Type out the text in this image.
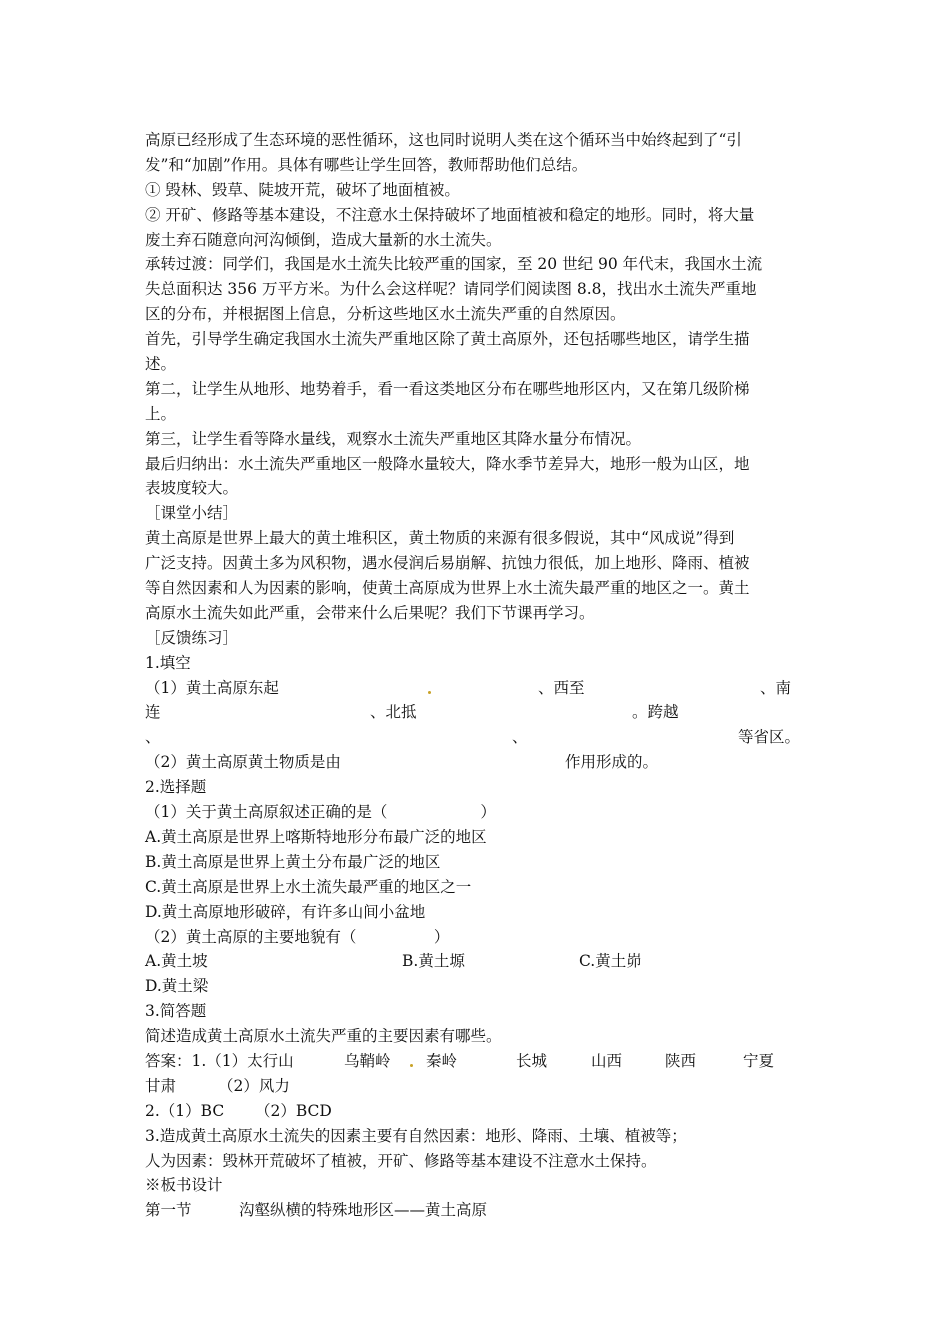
高原已经形成了生态环境的恶性循环，这也同时说明人类在这个循环当中始终起到了“引
发”和“加剧”作用。具体有哪些让学生回答，教师帮助他们总结。
① 毁林、毁草、陡坡开荒，破坏了地面植被。
② 开矿、修路等基本建设，不注意水土保持破坏了地面植被和稳定的地形。同时，将大量
废土弃石随意向河沟倾倒，造成大量新的水土流失。
承转过渡：同学们，我国是水土流失比较严重的国家，至 20 世纪 90 年代末，我国水土流
失总面积达 356 万平方米。为什么会这样呢？请同学们阅读图 8.8，找出水土流失严重地
区的分布，并根据图上信息，分析这些地区水土流失严重的自然原因。
首先，引导学生确定我国水土流失严重地区除了黄土高原外，还包括哪些地区，请学生描
述。
第二，让学生从地形、地势着手，看一看这类地区分布在哪些地形区内，又在第几级阶梯
上。
第三，让学生看等降水量线，观察水土流失严重地区其降水量分布情况。
最后归纳出：水土流失严重地区一般降水量较大，降水季节差异大，地形一般为山区，地
表坡度较大。
［课堂小结］
黄土高原是世界上最大的黄土堆积区，黄土物质的来源有很多假说，其中“风成说”得到
广泛支持。因黄土多为风积物，遇水侵润后易崩解、抗蚀力很低，加上地形、降雨、植被
等自然因素和人为因素的影响，使黄土高原成为世界上水土流失最严重的地区之一。黄土
高原水土流失如此严重，会带来什么后果呢？我们下节课再学习。
［反馈练习］
1.填空
（1）黄土高原东起	、西至	、南
连	、北抵	。跨越
、	、	等省区。
（2）黄土高原黄土物质是由	作用形成的。
2.选择题
（1）关于黄土高原叙述正确的是（　　　　　　）
A.黄土高原是世界上喀斯特地形分布最广泛的地区
B.黄土高原是世界上黄土分布最广泛的地区
C.黄土高原是世界上水土流失最严重的地区之一
D.黄土高原地形破碎，有许多山间小盆地
（2）黄土高原的主要地貌有（　　　　　）
A.黄土坡	B.黄土塬	C.黄土峁
D.黄土梁
3.简答题
简述造成黄土高原水土流失严重的主要因素有哪些。
答案：1.（1）太行山	乌鞘岭 秦岭	长城	山西	陕西	宁夏
甘肃	（2）风力
2.（1）BC （2）BCD
3.造成黄土高原水土流失的因素主要有自然因素：地形、降雨、土壤、植被等；
人为因素：毁林开荒破坏了植被，开矿、修路等基本建设不注意水土保持。
※板书设计
第一节	沟壑纵横的特殊地形区——黄土高原
